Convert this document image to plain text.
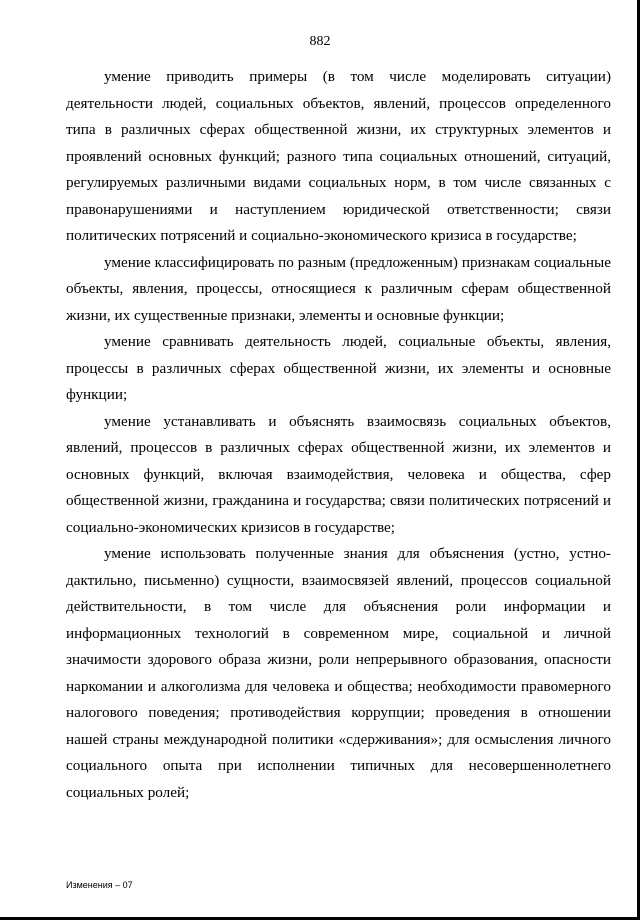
882

умение приводить примеры (в том числе моделировать ситуации) деятельности людей, социальных объектов, явлений, процессов определенного типа в различных сферах общественной жизни, их структурных элементов и проявлений основных функций; разного типа социальных отношений, ситуаций, регулируемых различными видами социальных норм, в том числе связанных с правонарушениями и наступлением юридической ответственности; связи политических потрясений и социально-экономического кризиса в государстве;

умение классифицировать по разным (предложенным) признакам социальные объекты, явления, процессы, относящиеся к различным сферам общественной жизни, их существенные признаки, элементы и основные функции;

умение сравнивать деятельность людей, социальные объекты, явления, процессы в различных сферах общественной жизни, их элементы и основные функции;

умение устанавливать и объяснять взаимосвязь социальных объектов, явлений, процессов в различных сферах общественной жизни, их элементов и основных функций, включая взаимодействия, человека и общества, сфер общественной жизни, гражданина и государства; связи политических потрясений и социально-экономических кризисов в государстве;

умение использовать полученные знания для объяснения (устно, устно-дактильно, письменно) сущности, взаимосвязей явлений, процессов социальной действительности, в том числе для объяснения роли информации и информационных технологий в современном мире, социальной и личной значимости здорового образа жизни, роли непрерывного образования, опасности наркомании и алкоголизма для человека и общества; необходимости правомерного налогового поведения; противодействия коррупции; проведения в отношении нашей страны международной политики «сдерживания»; для осмысления личного социального опыта при исполнении типичных для несовершеннолетнего социальных ролей;

Изменения – 07
